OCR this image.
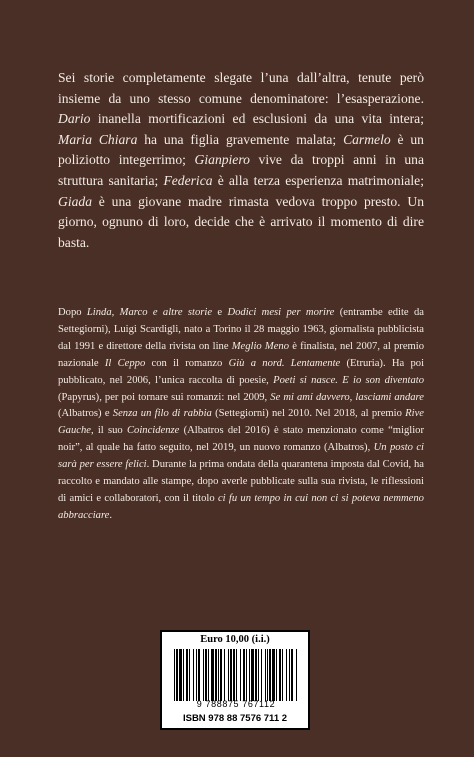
Sei storie completamente slegate l’una dall’altra, tenute però insieme da uno stesso comune denominatore: l’esasperazione. Dario inanella mortificazioni ed esclusioni da una vita intera; Maria Chiara ha una figlia gravemente malata; Carmelo è un poliziotto integerrimo; Gianpiero vive da troppi anni in una struttura sanitaria; Federica è alla terza esperienza matrimoniale; Giada è una giovane madre rimasta vedova troppo presto. Un giorno, ognuno di loro, decide che è arrivato il momento di dire basta.

Dopo Linda, Marco e altre storie e Dodici mesi per morire (entrambe edite da Settegiorni), Luigi Scardigli, nato a Torino il 28 maggio 1963, giornalista pubblicista dal 1991 e direttore della rivista on line Meglio Meno è finalista, nel 2007, al premio nazionale Il Ceppo con il romanzo Giù a nord. Lentamente (Etruria). Ha poi pubblicato, nel 2006, l’unica raccolta di poesie, Poeti si nasce. E io son diventato (Papyrus), per poi tornare sui romanzi: nel 2009, Se mi ami davvero, lasciami andare (Albatros) e Senza un filo di rabbia (Settegiorni) nel 2010. Nel 2018, al premio Rive Gauche, il suo Coincidenze (Albatros del 2016) è stato menzionato come “miglior noir”, al quale ha fatto seguito, nel 2019, un nuovo romanzo (Albatros), Un posto ci sarà per essere felici. Durante la prima ondata della quarantena imposta dal Covid, ha raccolto e mandato alle stampe, dopo averle pubblicate sulla sua rivista, le riflessioni di amici e collaboratori, con il titolo ci fu un tempo in cui non ci si poteva nemmeno abbracciare.

Euro 10,00 (i.i.)
9 788875 767112
ISBN 978 88 7576 711 2
